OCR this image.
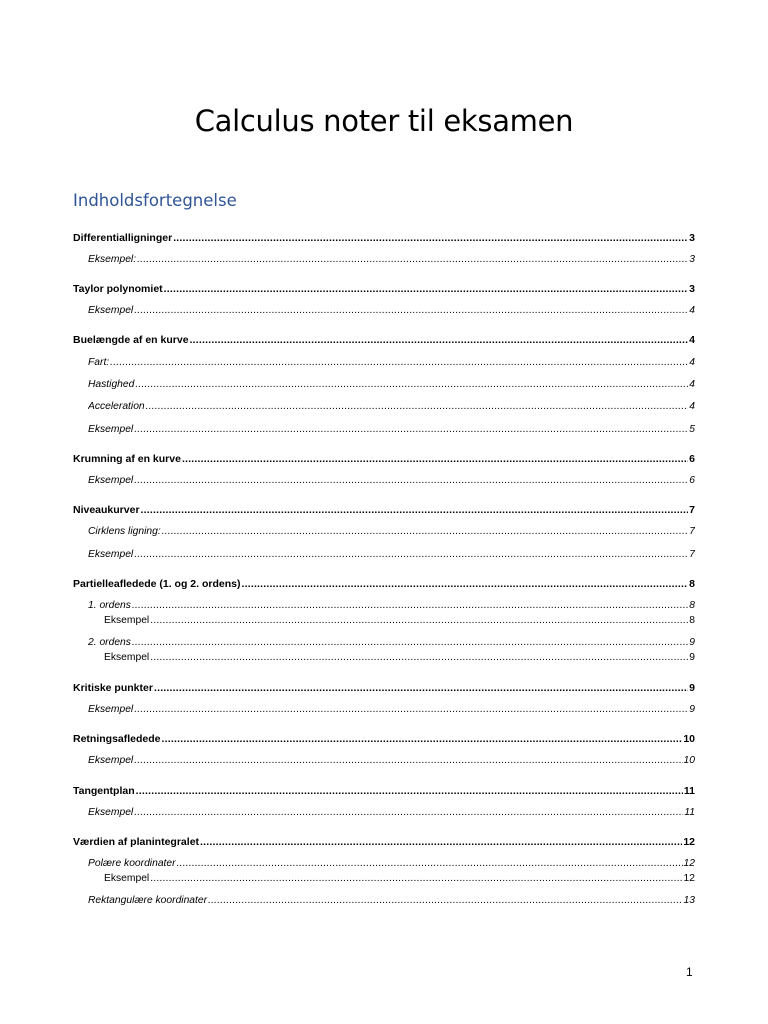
Calculus noter til eksamen
Indholdsfortegnelse
Differentialligninger .....	3
Eksempel: .....	3
Taylor polynomiet .....	3
Eksempel .....	4
Buelængde af en kurve .....	4
Fart: .....	4
Hastighed .....	4
Acceleration .....	4
Eksempel .....	5
Krumning af en kurve .....	6
Eksempel .....	6
Niveaukurver .....	7
Cirklens ligning: .....	7
Eksempel .....	7
Partielleafledede (1. og 2. ordens) .....	8
1. ordens .....	8
Eksempel .....	8
2. ordens .....	9
Eksempel .....	9
Kritiske punkter .....	9
Eksempel .....	9
Retningsafledede .....	10
Eksempel .....	10
Tangentplan .....	11
Eksempel .....	11
Værdien af planintegralet .....	12
Polære koordinater .....	12
Eksempel .....	12
Rektangulære koordinater .....	13
1
